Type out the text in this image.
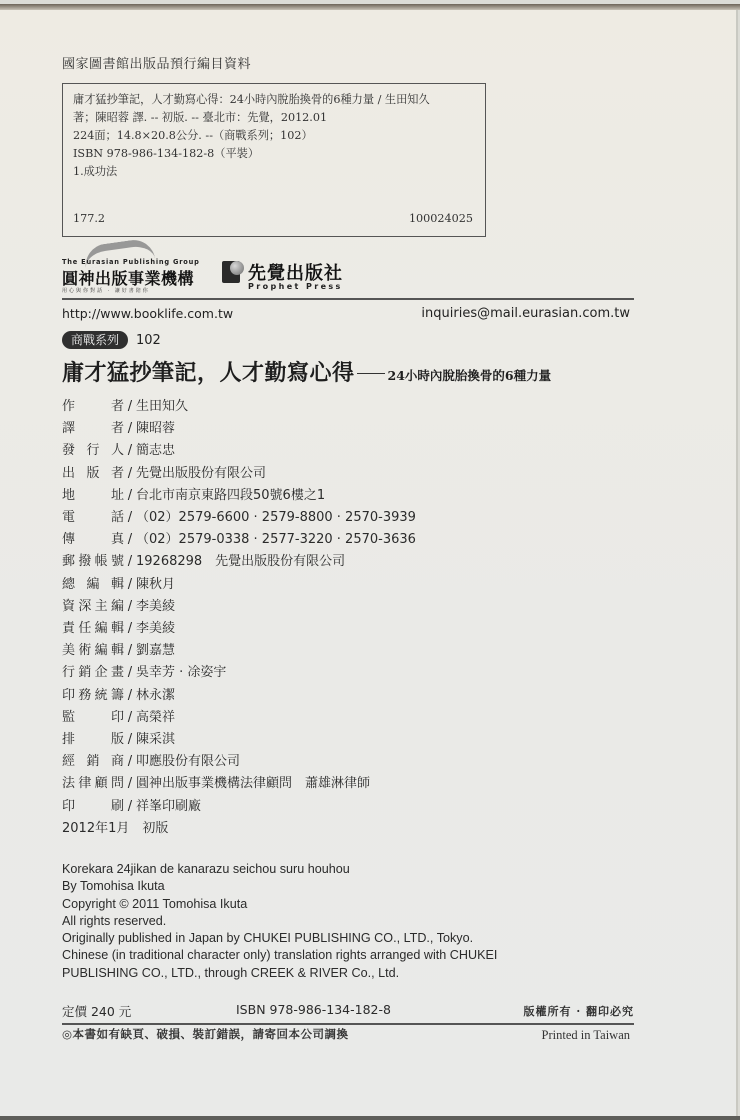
國家圖書館出版品預行編目資料
庸才猛抄筆記，人才勤寫心得：24小時內脫胎換骨的6種力量 / 生田知久
著；陳昭蓉 譯. -- 初版. -- 臺北市：先覺，2012.01
224面；14.8×20.8公分. --（商戰系列；102）
ISBN 978-986-134-182-8（平裝）
1.成功法
177.2	100024025
The Eurasian Publishing Group
圓神出版事業機構
用心與你對話 · 讓好書陪你
先覺出版社
Prophet Press
http://www.booklife.com.tw	inquiries@mail.eurasian.com.tw
商戰系列	102
庸才猛抄筆記，人才勤寫心得	24小時內脫胎換骨的6種力量
作者 / 生田知久
譯者 / 陳昭蓉
發行人 / 簡志忠
出版者 / 先覺出版股份有限公司
地址 / 台北市南京東路四段50號6樓之1
電話 / （02）2579-6600 · 2579-8800 · 2570-3939
傳真 / （02）2579-0338 · 2577-3220 · 2570-3636
郵撥帳號 / 19268298　先覺出版股份有限公司
總編輯 / 陳秋月
資深主編 / 李美綾
責任編輯 / 李美綾
美術編輯 / 劉嘉慧
行銷企畫 / 吳幸芳 · 凃姿宇
印務統籌 / 林永潔
監印 / 高榮祥
排版 / 陳采淇
經銷商 / 叩應股份有限公司
法律顧問 / 圓神出版事業機構法律顧問　蕭雄淋律師
印刷 / 祥峯印刷廠
2012年1月　初版
Korekara 24jikan de kanarazu seichou suru houhou
By Tomohisa Ikuta
Copyright © 2011 Tomohisa Ikuta
All rights reserved.
Originally published in Japan by CHUKEI PUBLISHING CO., LTD., Tokyo.
Chinese (in traditional character only) translation rights arranged with CHUKEI
PUBLISHING CO., LTD., through CREEK & RIVER Co., Ltd.
定價 240 元	ISBN 978-986-134-182-8	版權所有 · 翻印必究
◎本書如有缺頁、破損、裝訂錯誤，請寄回本公司調換	Printed in Taiwan
